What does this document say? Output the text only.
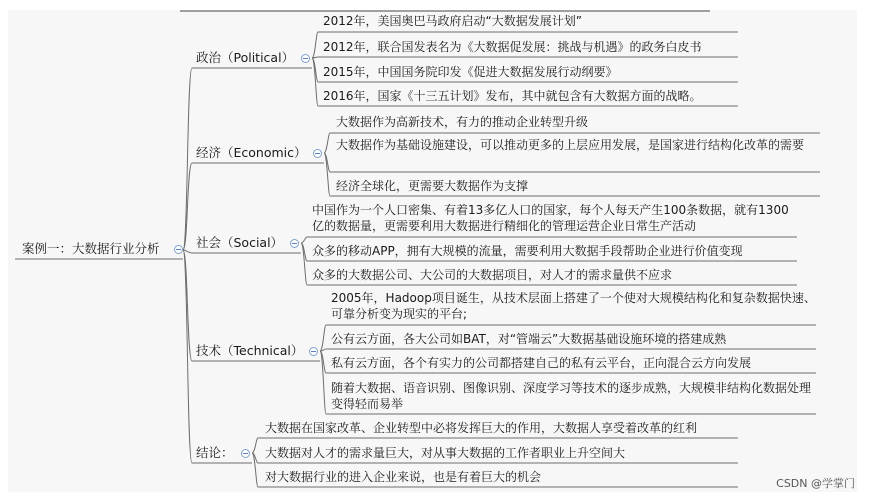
案例一：大数据行业分析
政治（Political）
2012年，美国奥巴马政府启动“大数据发展计划”
2012年，联合国发表名为《大数据促发展：挑战与机遇》的政务白皮书
2015年，中国国务院印发《促进大数据发展行动纲要》
2016年，国家《十三五计划》发布，其中就包含有大数据方面的战略。
经济（Economic）
大数据作为高新技术，有力的推动企业转型升级
大数据作为基础设施建设，可以推动更多的上层应用发展，是国家进行结构化改革的需要
经济全球化，更需要大数据作为支撑
社会（Social）
中国作为一个人口密集、有着13多亿人口的国家，每个人每天产生100条数据，就有1300亿的数据量，更需要利用大数据进行精细化的管理运营企业日常生产活动
众多的移动APP，拥有大规模的流量，需要利用大数据手段帮助企业进行价值变现
众多的大数据公司、大公司的大数据项目，对人才的需求量供不应求
技术（Technical）
2005年，Hadoop项目诞生，从技术层面上搭建了一个使对大规模结构化和复杂数据快速、可靠分析变为现实的平台;
公有云方面，各大公司如BAT，对“管端云”大数据基础设施环境的搭建成熟
私有云方面，各个有实力的公司都搭建自己的私有云平台，正向混合云方向发展
随着大数据、语音识别、图像识别、深度学习等技术的逐步成熟，大规模非结构化数据处理变得轻而易举
结论：
大数据在国家改革、企业转型中必将发挥巨大的作用，大数据人享受着改革的红利
大数据对人才的需求量巨大，对从事大数据的工作者职业上升空间大
对大数据行业的进入企业来说，也是有着巨大的机会	CSDN @学掌门
